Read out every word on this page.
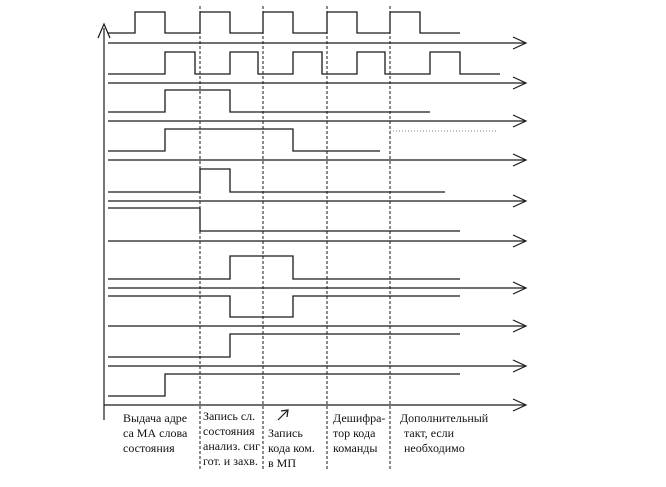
Выдача адре
са МА слова
состояния
Запись сл.
состояния
анализ. сиг
гот. и захв.
Запись
кода ком.
в МП
Дешифра-
тор кода
команды
Дополнительный
такт, если
необходимо
